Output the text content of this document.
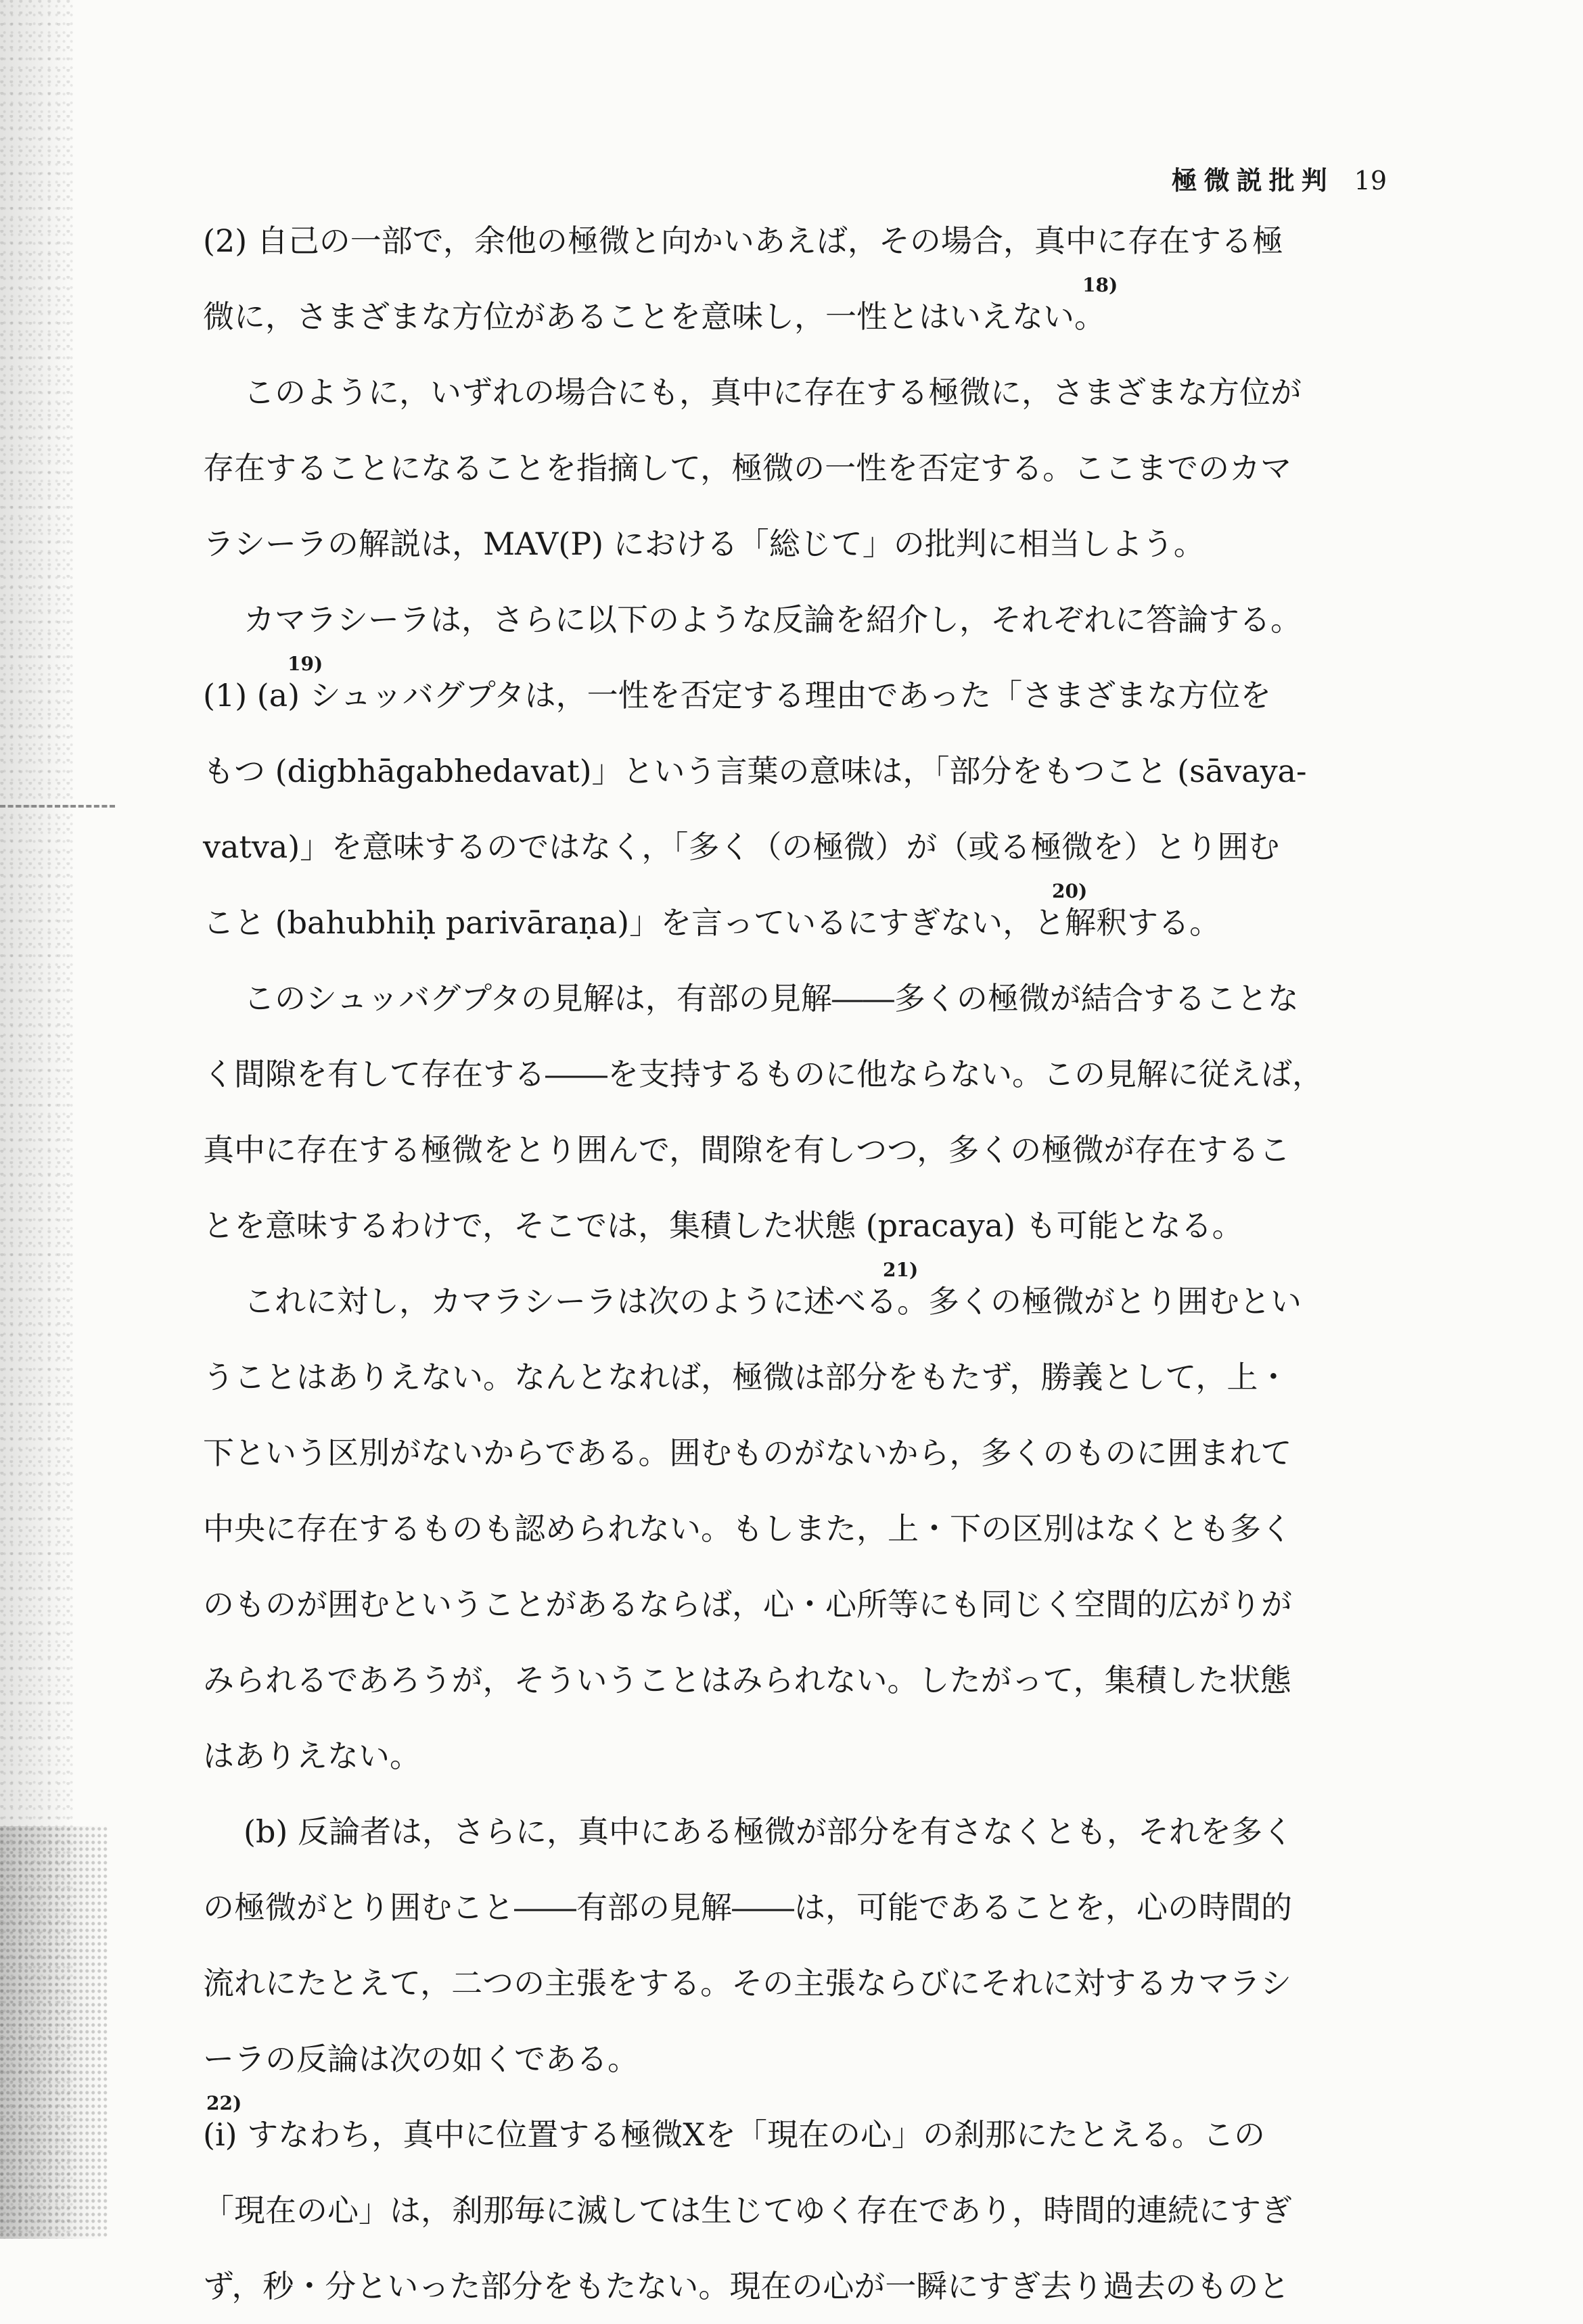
極微説批判 19
(2) 自己の一部で，余他の極微と向かいあえば，その場合，真中に存在する極
微に，さまざまな方位があることを意味し，一性とはいえない。
18)
このように，いずれの場合にも，真中に存在する極微に，さまざまな方位が
存在することになることを指摘して，極微の一性を否定する。ここまでのカマ
ラシーラの解説は，MAV(P) における「総じて」の批判に相当しよう。
カマラシーラは，さらに以下のような反論を紹介し，それぞれに答論する。
(1) (a) シュッバグプタは，一性を否定する理由であった「さまざまな方位を
19)
もつ (digbhāgabhedavat)」という言葉の意味は，「部分をもつこと (sāvaya-
vatva)」を意味するのではなく，「多く（の極微）が（或る極微を）とり囲む
こと (bahubhiḥ parivāraṇa)」を言っているにすぎない，と解釈する。
20)
このシュッバグプタの見解は，有部の見解――多くの極微が結合することな
く間隙を有して存在する――を支持するものに他ならない。この見解に従えば，
真中に存在する極微をとり囲んで，間隙を有しつつ，多くの極微が存在するこ
とを意味するわけで，そこでは，集積した状態 (pracaya) も可能となる。
これに対し，カマラシーラは次のように述べる。多くの極微がとり囲むとい
21)
うことはありえない。なんとなれば，極微は部分をもたず，勝義として，上・
下という区別がないからである。囲むものがないから，多くのものに囲まれて
中央に存在するものも認められない。もしまた，上・下の区別はなくとも多く
のものが囲むということがあるならば，心・心所等にも同じく空間的広がりが
みられるであろうが，そういうことはみられない。したがって，集積した状態
はありえない。
(b) 反論者は，さらに，真中にある極微が部分を有さなくとも，それを多く
の極微がとり囲むこと――有部の見解――は，可能であることを，心の時間的
流れにたとえて，二つの主張をする。その主張ならびにそれに対するカマラシ
ーラの反論は次の如くである。
(i) すなわち，真中に位置する極微Xを「現在の心」の刹那にたとえる。この
22)
「現在の心」は，刹那毎に滅しては生じてゆく存在であり，時間的連続にすぎ
ず，秒・分といった部分をもたない。現在の心が一瞬にすぎ去り過去のものと
